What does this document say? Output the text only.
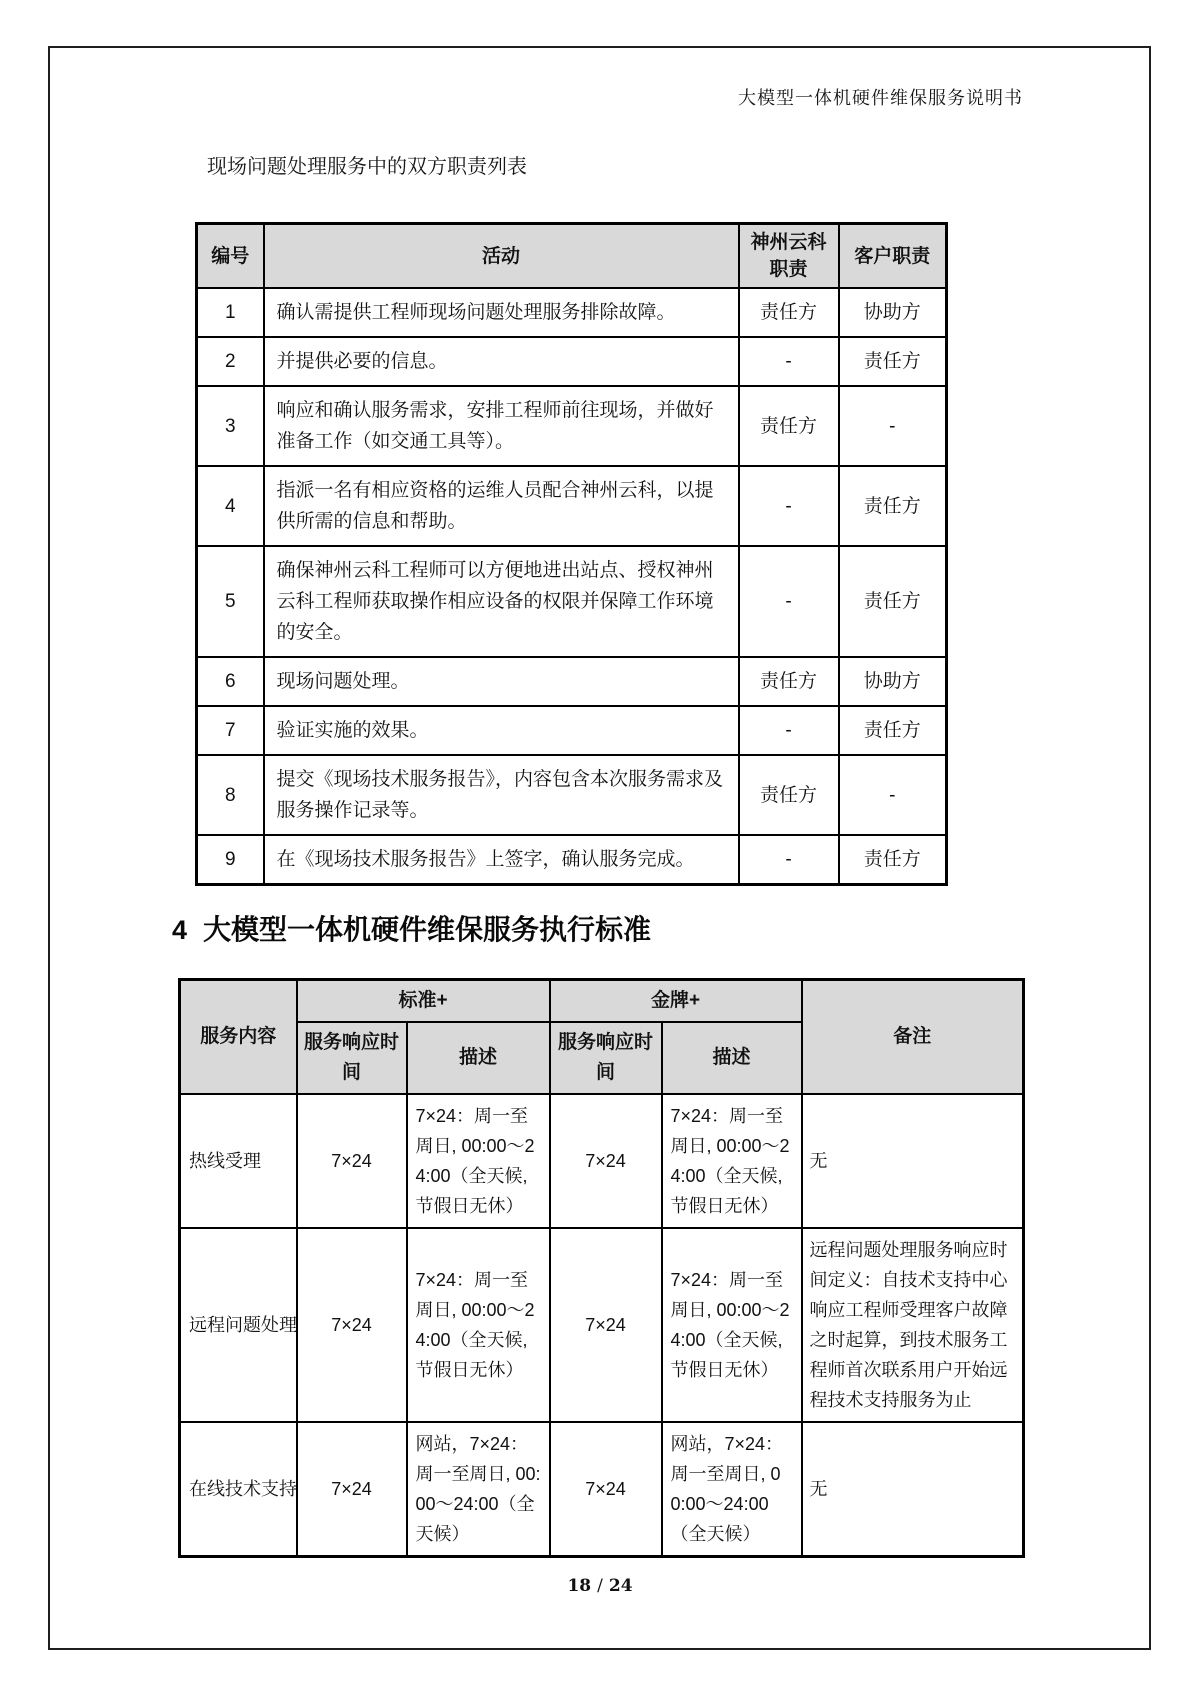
大模型一体机硬件维保服务说明书
现场问题处理服务中的双方职责列表
编号	活动	神州云科职责	客户职责
1	确认需提供工程师现场问题处理服务排除故障。	责任方	协助方
2	并提供必要的信息。	-	责任方
3	响应和确认服务需求，安排工程师前往现场，并做好准备工作（如交通工具等）。	责任方	-
4	指派一名有相应资格的运维人员配合神州云科，以提供所需的信息和帮助。	-	责任方
5	确保神州云科工程师可以方便地进出站点、授权神州云科工程师获取操作相应设备的权限并保障工作环境的安全。	-	责任方
6	现场问题处理。	责任方	协助方
7	验证实施的效果。	-	责任方
8	提交《现场技术服务报告》，内容包含本次服务需求及服务操作记录等。	责任方	-
9	在《现场技术服务报告》上签字，确认服务完成。	-	责任方
4 大模型一体机硬件维保服务执行标准
服务内容	标准+		金牌+		备注
	服务响应时间	描述	服务响应时间	描述	
热线受理	7×24	7×24：周一至周日, 00:00～24:00（全天候, 节假日无休）	7×24	7×24：周一至周日, 00:00～24:00（全天候, 节假日无休）	无
远程问题处理	7×24	7×24：周一至周日, 00:00～24:00（全天候, 节假日无休）	7×24	7×24：周一至周日, 00:00～24:00（全天候, 节假日无休）	远程问题处理服务响应时间定义：自技术支持中心响应工程师受理客户故障之时起算，到技术服务工程师首次联系用户开始远程技术支持服务为止
在线技术支持	7×24	网站，7×24：周一至周日, 00:00～24:00（全天候）	7×24	网站，7×24：周一至周日, 00:00～24:00（全天候）	无
18 / 24
